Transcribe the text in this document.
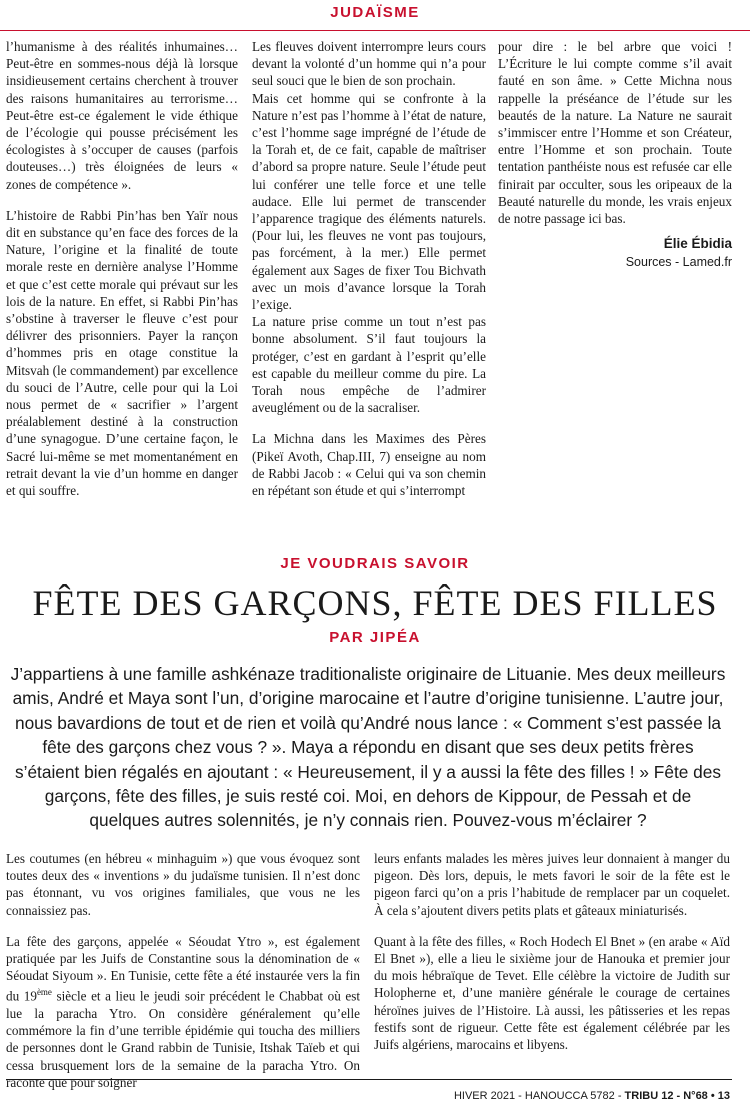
JUDAÏSME

l’humanisme à des réalités inhumaines… Peut-être en sommes-nous déjà là lorsque insidieusement certains cherchent à trouver des raisons humanitaires au terrorisme… Peut-être est-ce également le vide éthique de l’écologie qui pousse précisément les écologistes à s’occuper de causes (parfois douteuses…) très éloignées de leurs « zones de compétence ».

L’histoire de Rabbi Pin’has ben Yaïr nous dit en substance qu’en face des forces de la Nature, l’origine et la finalité de toute morale reste en dernière analyse l’Homme et que c’est cette morale qui prévaut sur les lois de la nature. En effet, si Rabbi Pin’has s’obstine à traverser le fleuve c’est pour délivrer des prisonniers. Payer la rançon d’hommes pris en otage constitue la Mitsvah (le commandement) par excellence du souci de l’Autre, celle pour qui la Loi nous permet de « sacrifier » l’argent préalablement destiné à la construction d’une synagogue. D’une certaine façon, le Sacré lui-même se met momentanément en retrait devant la vie d’un homme en danger et qui souffre.

Les fleuves doivent interrompre leurs cours devant la volonté d’un homme qui n’a pour seul souci que le bien de son prochain.

Mais cet homme qui se confronte à la Nature n’est pas l’homme à l’état de nature, c’est l’homme sage imprégné de l’étude de la Torah et, de ce fait, capable de maîtriser d’abord sa propre nature. Seule l’étude peut lui conférer une telle force et une telle audace. Elle lui permet de transcender l’apparence tragique des éléments naturels. (Pour lui, les fleuves ne vont pas toujours, pas forcément, à la mer.) Elle permet également aux Sages de fixer Tou Bichvath avec un mois d’avance lorsque la Torah l’exige.

La nature prise comme un tout n’est pas bonne absolument. S’il faut toujours la protéger, c’est en gardant à l’esprit qu’elle est capable du meilleur comme du pire. La Torah nous empêche de l’admirer aveuglément ou de la sacraliser.

La Michna dans les Maximes des Pères (Pikeï Avoth, Chap.III, 7) enseigne au nom de Rabbi Jacob : « Celui qui va son chemin en répétant son étude et qui s’interrompt

pour dire : le bel arbre que voici ! L’Écriture le lui compte comme s’il avait fauté en son âme. » Cette Michna nous rappelle la préséance de l’étude sur les beautés de la nature. La Nature ne saurait s’immiscer entre l’Homme et son Créateur, entre l’Homme et son prochain. Toute tentation panthéiste nous est refusée car elle finirait par occulter, sous les oripeaux de la Beauté naturelle du monde, les vrais enjeux de notre passage ici bas.

Élie Ébidia
Sources - Lamed.fr
JE VOUDRAIS SAVOIR
FÊTE DES GARÇONS, FÊTE DES FILLES
PAR JIPÉA
J’appartiens à une famille ashkénaze traditionaliste originaire de Lituanie. Mes deux meilleurs amis, André et Maya sont l’un, d’origine marocaine et l’autre d’origine tunisienne. L’autre jour, nous bavardions de tout et de rien et voilà qu’André nous lance : « Comment s’est passée la fête des garçons chez vous ? ». Maya a répondu en disant que ses deux petits frères s’étaient bien régalés en ajoutant : « Heureusement, il y a aussi la fête des filles ! » Fête des garçons, fête des filles, je suis resté coi. Moi, en dehors de Kippour, de Pessah et de quelques autres solennités, je n’y connais rien. Pouvez-vous m’éclairer ?

Les coutumes (en hébreu « minhaguim ») que vous évoquez sont toutes deux des « inventions » du judaïsme tunisien. Il n’est donc pas étonnant, vu vos origines familiales, que vous ne les connaissiez pas.

La fête des garçons, appelée « Séoudat Ytro », est également pratiquée par les Juifs de Constantine sous la dénomination de « Séoudat Siyoum ». En Tunisie, cette fête a été instaurée vers la fin du 19ème siècle et a lieu le jeudi soir précédent le Chabbat où est lue la paracha Ytro. On considère généralement qu’elle commémore la fin d’une terrible épidémie qui toucha des milliers de personnes dont le Grand rabbin de Tunisie, Itshak Taïeb et qui cessa brusquement lors de la semaine de la paracha Ytro. On raconte que pour soigner

leurs enfants malades les mères juives leur donnaient à manger du pigeon. Dès lors, depuis, le mets favori le soir de la fête est le pigeon farci qu’on a pris l’habitude de remplacer par un coquelet. À cela s’ajoutent divers petits plats et gâteaux miniaturisés.

Quant à la fête des filles, « Roch Hodech El Bnet » (en arabe « Aïd El Bnet »), elle a lieu le sixième jour de Hanouka et premier jour du mois hébraïque de Tevet. Elle célèbre la victoire de Judith sur Holopherne et, d’une manière générale le courage de certaines héroïnes juives de l’Histoire. Là aussi, les pâtisseries et les repas festifs sont de rigueur. Cette fête est également célébrée par les Juifs algériens, marocains et libyens.

HIVER 2021 - HANOUCCA 5782 - TRIBU 12 - N°68 • 13
